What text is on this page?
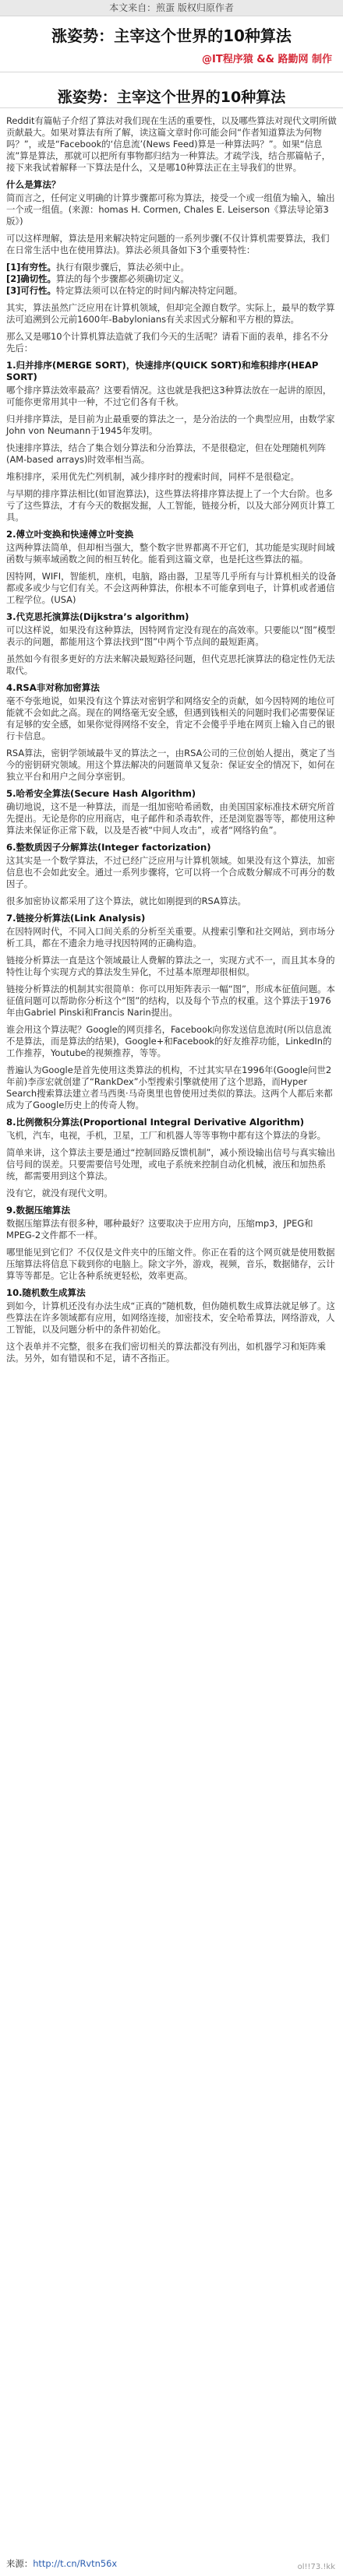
本文来自：煎蛋 版权归原作者
涨姿势：主宰这个世界的10种算法
@IT程序猿 && 路勤网 制作
涨姿势：主宰这个世界的10种算法

Reddit有篇帖子介绍了算法对我们现在生活的重要性，以及哪些算法对现代文明所做贡献最大。如果对算法有所了解，读这篇文章时你可能会问“作者知道算法为何物吗？”，或是“Facebook的‘信息流’(News Feed)算是一种算法吗？”。如果“信息流”算是算法，那就可以把所有事物都归结为一种算法。才疏学浅，结合那篇帖子，接下来我试着解释一下算法是什么，又是哪10种算法正在主导我们的世界。

什么是算法？

简而言之，任何定义明确的计算步骤都可称为算法，接受一个或一组值为输入，输出一个或一组值。(来源：homas H. Cormen, Chales E. Leiserson《算法导论第3版》)

可以这样理解，算法是用来解决特定问题的一系列步骤(不仅计算机需要算法，我们在日常生活中也在使用算法)。算法必须具备如下3个重要特性：

[1]有穷性。执行有限步骤后，算法必须中止。
[2]确切性。算法的每个步骤都必须确切定义。
[3]可行性。特定算法须可以在特定的时间内解决特定问题。

其实，算法虽然广泛应用在计算机领域，但却完全源自数学。实际上，最早的数学算法可追溯到公元前1600年-Babylonians有关求因式分解和平方根的算法。

那么又是哪10个计算机算法造就了我们今天的生活呢？请看下面的表单，排名不分先后：

1.归并排序(MERGE SORT)，快速排序(QUICK SORT)和堆积排序(HEAP SORT)

哪个排序算法效率最高？这要看情况。这也就是我把这3种算法放在一起讲的原因，可能你更常用其中一种，不过它们各有千秋。

归并排序算法，是目前为止最重要的算法之一，是分治法的一个典型应用，由数学家John von Neumann于1945年发明。

快速排序算法，结合了集合划分算法和分治算法，不是很稳定，但在处理随机列阵(AM-based arrays)时效率相当高。

堆积排序，采用优先伫列机制，减少排序时的搜索时间，同样不是很稳定。

与早期的排序算法相比(如冒泡算法)，这些算法将排序算法提上了一个大台阶。也多亏了这些算法，才有今天的数据发掘，人工智能，链接分析，以及大部分网页计算工具。

2.傅立叶变换和快速傅立叶变换

这两种算法简单，但却相当强大，整个数字世界都离不开它们，其功能是实现时间域函数与频率域函数之间的相互转化。能看到这篇文章，也是托这些算法的福。

因特网，WIFI，智能机，座机，电脑，路由器，卫星等几乎所有与计算机相关的设备都或多或少与它们有关。不会这两种算法，你根本不可能拿到电子，计算机或者通信工程学位。(USA)

3.代克思托演算法(Dijkstra’s algorithm)

可以这样说，如果没有这种算法，因特网肯定没有现在的高效率。只要能以“图”模型表示的问题，都能用这个算法找到“图”中两个节点间的最短距离。

虽然如今有很多更好的方法来解决最短路径问题，但代克思托演算法的稳定性仍无法取代。

4.RSA非对称加密算法

毫不夸张地说，如果没有这个算法对密钥学和网络安全的贡献，如今因特网的地位可能就不会如此之高。现在的网络毫无安全感，但遇到钱相关的问题时我们必需要保证有足够的安全感，如果你觉得网络不安全，肯定不会傻乎乎地在网页上输入自己的银行卡信息。

RSA算法，密钥学领域最牛叉的算法之一，由RSA公司的三位创始人提出，奠定了当今的密钥研究领域。用这个算法解决的问题简单又复杂：保证安全的情况下，如何在独立平台和用户之间分享密钥。

5.哈希安全算法(Secure Hash Algorithm)

确切地说，这不是一种算法，而是一组加密哈希函数，由美国国家标准技术研究所首先提出。无论是你的应用商店，电子邮件和杀毒软件，还是浏览器等等，都使用这种算法来保证你正常下载，以及是否被“中间人攻击”，或者“网络钓鱼”。

6.整数质因子分解算法(Integer factorization)

这其实是一个数学算法，不过已经广泛应用与计算机领域。如果没有这个算法，加密信息也不会如此安全。通过一系列步骤将，它可以将一个合成数分解成不可再分的数因子。

很多加密协议都采用了这个算法，就比如刚提到的RSA算法。

7.链接分析算法(Link Analysis)

在因特网时代，不同入口间关系的分析至关重要。从搜索引擎和社交网站，到市场分析工具，都在不遗余力地寻找因特网的正确构造。

链接分析算法一直是这个领域最让人费解的算法之一，实现方式不一，而且其本身的特性让每个实现方式的算法发生异化，不过基本原理却很相似。

链接分析算法的机制其实很简单：你可以用矩阵表示一幅“图”，形成本征值问题。本征值问题可以帮助你分析这个“图”的结构，以及每个节点的权重。这个算法于1976年由Gabriel Pinski和Francis Narin提出。

谁会用这个算法呢？Google的网页排名，Facebook向你发送信息流时(所以信息流不是算法，而是算法的结果)，Google+和Facebook的好友推荐功能，LinkedIn的工作推荐，Youtube的视频推荐，等等。

普遍认为Google是首先使用这类算法的机构，不过其实早在1996年(Google问世2年前)李彦宏就创建了“RankDex”小型搜索引擎就使用了这个思路，而Hyper Search搜索算法建立者马西奥·马奇奥里也曾使用过类似的算法。这两个人都后来都成为了Google历史上的传奇人物。

8.比例微积分算法(Proportional Integral Derivative Algorithm)

飞机，汽车，电视，手机，卫星，工厂和机器人等等事物中都有这个算法的身影。

简单来讲，这个算法主要是通过“控制回路反馈机制”，减小预设输出信号与真实输出信号间的误差。只要需要信号处理，或电子系统来控制自动化机械，液压和加热系统，都需要用到这个算法。

没有它，就没有现代文明。

9.数据压缩算法

数据压缩算法有很多种，哪种最好？这要取决于应用方向，压缩mp3，JPEG和MPEG-2文件都不一样。

哪里能见到它们？不仅仅是文件夹中的压缩文件。你正在看的这个网页就是使用数据压缩算法将信息下载到你的电脑上。除文字外，游戏，视频，音乐，数据储存，云计算等等都是。它让各种系统更轻松，效率更高。

10.随机数生成算法

到如今，计算机还没有办法生成“正真的”随机数，但伪随机数生成算法就足够了。这些算法在许多领域都有应用，如网络连接，加密技术，安全哈希算法，网络游戏，人工智能，以及问题分析中的条件初始化。

这个表单并不完整，很多在我们密切相关的算法都没有列出，如机器学习和矩阵乘法。另外，如有错误和不足，请不吝指正。

来源：http://t.cn/Rvtn56x	ol!!73.!kk
